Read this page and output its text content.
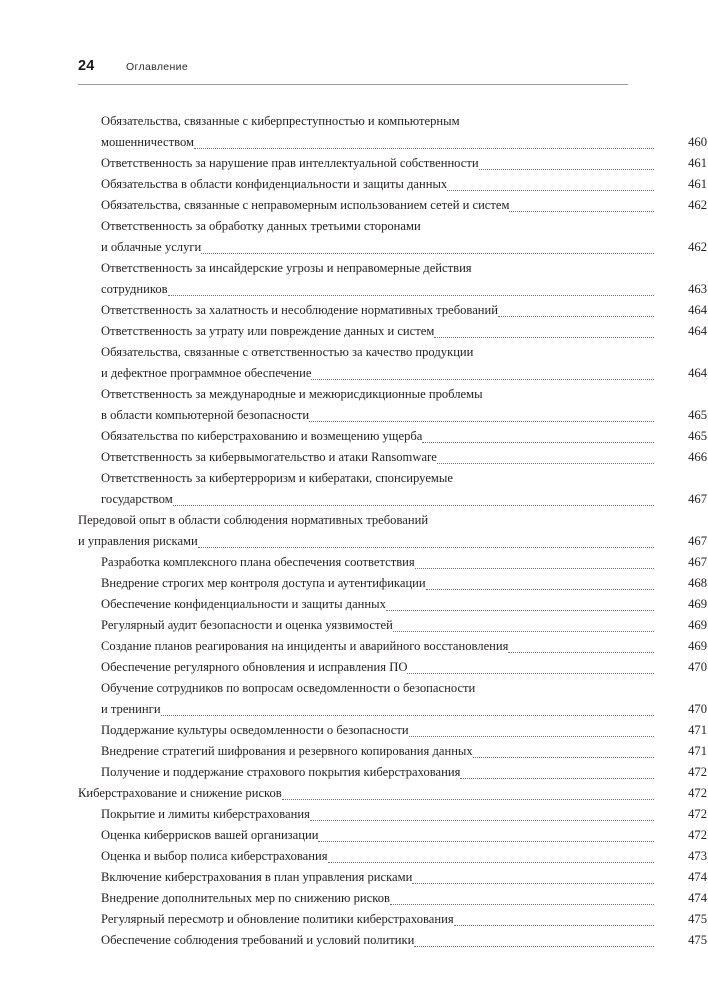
24	Оглавление
Обязательства, связанные с киберпреступностью и компьютерным
мошенничеством	460
Ответственность за нарушение прав интеллектуальной собственности	461
Обязательства в области конфиденциальности и защиты данных	461
Обязательства, связанные с неправомерным использованием сетей и систем	462
Ответственность за обработку данных третьими сторонами
и облачные услуги	462
Ответственность за инсайдерские угрозы и неправомерные действия
сотрудников	463
Ответственность за халатность и несоблюдение нормативных требований	464
Ответственность за утрату или повреждение данных и систем	464
Обязательства, связанные с ответственностью за качество продукции
и дефектное программное обеспечение	464
Ответственность за международные и межюрисдикционные проблемы
в области компьютерной безопасности	465
Обязательства по киберстрахованию и возмещению ущерба	465
Ответственность за кибервымогательство и атаки Ransomware	466
Ответственность за кибертерроризм и кибератаки, спонсируемые
государством	467
Передовой опыт в области соблюдения нормативных требований
и управления рисками	467
Разработка комплексного плана обеспечения соответствия	467
Внедрение строгих мер контроля доступа и аутентификации	468
Обеспечение конфиденциальности и защиты данных	469
Регулярный аудит безопасности и оценка уязвимостей	469
Создание планов реагирования на инциденты и аварийного восстановления	469
Обеспечение регулярного обновления и исправления ПО	470
Обучение сотрудников по вопросам осведомленности о безопасности
и тренинги	470
Поддержание культуры осведомленности о безопасности	471
Внедрение стратегий шифрования и резервного копирования данных	471
Получение и поддержание страхового покрытия киберстрахования	472
Киберстрахование и снижение рисков	472
Покрытие и лимиты киберстрахования	472
Оценка киберрисков вашей организации	472
Оценка и выбор полиса киберстрахования	473
Включение киберстрахования в план управления рисками	474
Внедрение дополнительных мер по снижению рисков	474
Регулярный пересмотр и обновление политики киберстрахования	475
Обеспечение соблюдения требований и условий политики	475
